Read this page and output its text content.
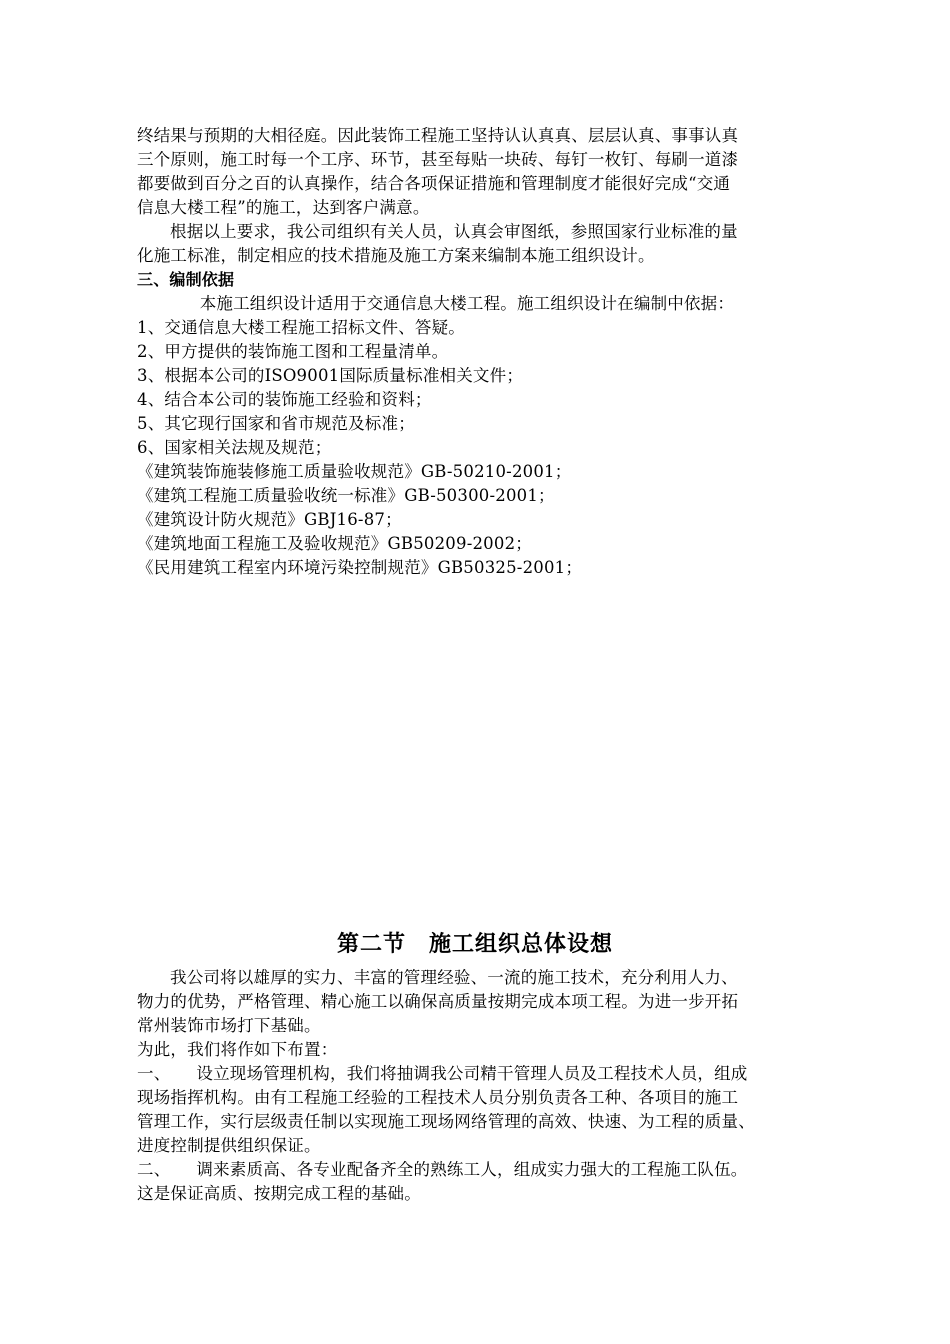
终结果与预期的大相径庭。因此装饰工程施工坚持认认真真、层层认真、事事认真

三个原则，施工时每一个工序、环节，甚至每贴一块砖、每钉一枚钉、每刷一道漆

都要做到百分之百的认真操作，结合各项保证措施和管理制度才能很好完成“交通

信息大楼工程”的施工，达到客户满意。

根据以上要求，我公司组织有关人员，认真会审图纸，参照国家行业标准的量

化施工标准，制定相应的技术措施及施工方案来编制本施工组织设计。

三、编制依据

本施工组织设计适用于交通信息大楼工程。施工组织设计在编制中依据：

1、交通信息大楼工程施工招标文件、答疑。

2、甲方提供的装饰施工图和工程量清单。

3、根据本公司的ISO9001国际质量标准相关文件；

4、结合本公司的装饰施工经验和资料；

5、其它现行国家和省市规范及标准；

6、国家相关法规及规范；

《建筑装饰施装修施工质量验收规范》GB-50210-2001；

《建筑工程施工质量验收统一标准》GB-50300-2001；

《建筑设计防火规范》GBJ16-87；

《建筑地面工程施工及验收规范》GB50209-2002；

《民用建筑工程室内环境污染控制规范》GB50325-2001；

第二节　施工组织总体设想

我公司将以雄厚的实力、丰富的管理经验、一流的施工技术，充分利用人力、

物力的优势，严格管理、精心施工以确保高质量按期完成本项工程。为进一步开拓

常州装饰市场打下基础。

为此，我们将作如下布置：

一、 设立现场管理机构，我们将抽调我公司精干管理人员及工程技术人员，组成

现场指挥机构。由有工程施工经验的工程技术人员分别负责各工种、各项目的施工

管理工作，实行层级责任制以实现施工现场网络管理的高效、快速、为工程的质量、

进度控制提供组织保证。

二、 调来素质高、各专业配备齐全的熟练工人，组成实力强大的工程施工队伍。

这是保证高质、按期完成工程的基础。
